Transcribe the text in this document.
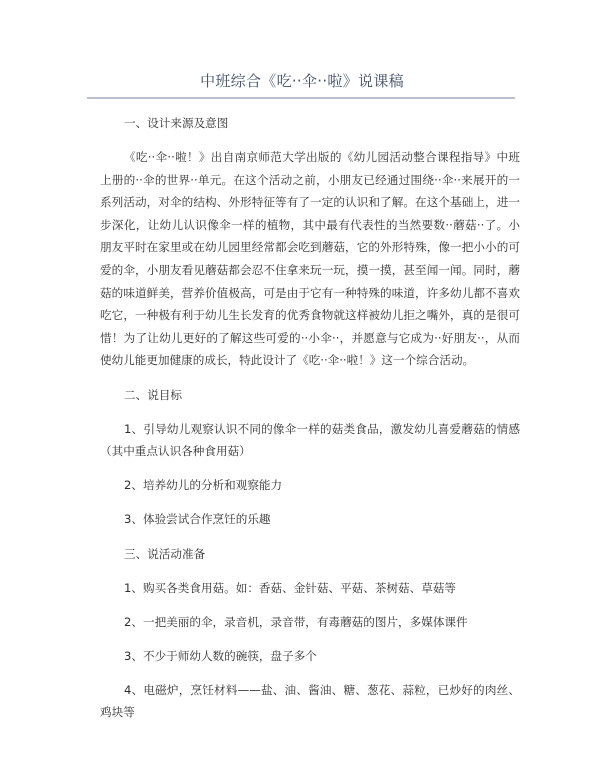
中班综合《吃··伞··啦》说课稿

一、设计来源及意图

《吃··伞··啦！》出自南京师范大学出版的《幼儿园活动整合课程指导》中班上册的··伞的世界··单元。在这个活动之前，小朋友已经通过围绕··伞··来展开的一系列活动，对伞的结构、外形特征等有了一定的认识和了解。在这个基础上，进一步深化，让幼儿认识像伞一样的植物，其中最有代表性的当然要数··蘑菇··了。小朋友平时在家里或在幼儿园里经常都会吃到蘑菇，它的外形特殊，像一把小小的可爱的伞，小朋友看见蘑菇都会忍不住拿来玩一玩，摸一摸，甚至闻一闻。同时，蘑菇的味道鲜美，营养价值极高，可是由于它有一种特殊的味道，许多幼儿都不喜欢吃它，一种极有利于幼儿生长发育的优秀食物就这样被幼儿拒之嘴外，真的是很可惜！为了让幼儿更好的了解这些可爱的··小伞··，并愿意与它成为··好朋友··，从而使幼儿能更加健康的成长，特此设计了《吃··伞··啦！》这一个综合活动。

二、说目标

1、引导幼儿观察认识不同的像伞一样的菇类食品，激发幼儿喜爱蘑菇的情感（其中重点认识各种食用菇）

2、培养幼儿的分析和观察能力

3、体验尝试合作烹饪的乐趣

三、说活动准备

1、购买各类食用菇。如：香菇、金针菇、平菇、茶树菇、草菇等

2、一把美丽的伞，录音机，录音带，有毒蘑菇的图片，多媒体课件

3、不少于师幼人数的碗筷，盘子多个

4、电磁炉，烹饪材料——盐、油、酱油、糖、葱花、蒜粒，已炒好的肉丝、鸡块等
